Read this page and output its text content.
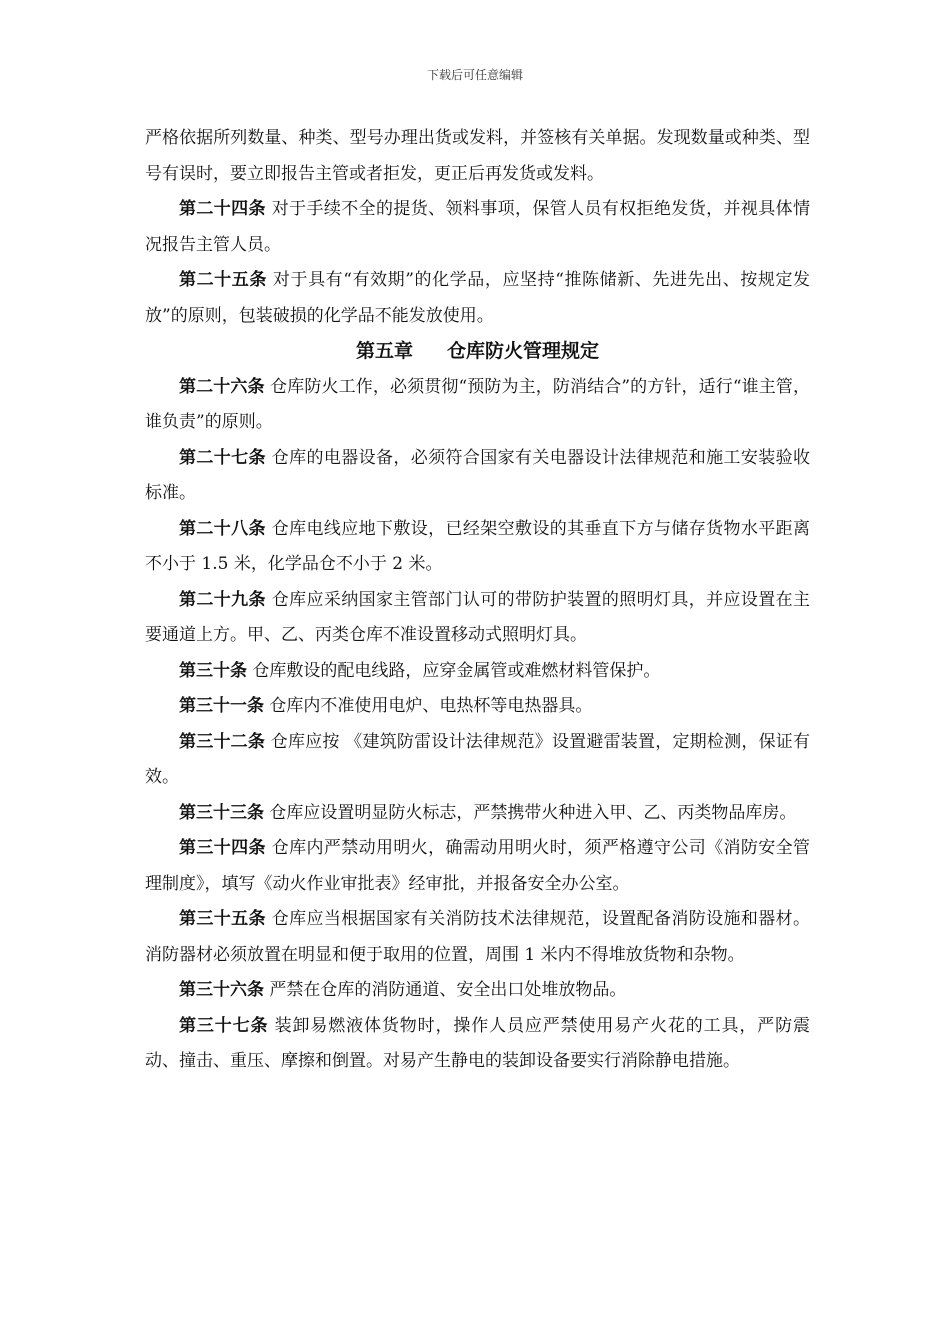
下载后可任意编辑

严格依据所列数量、种类、型号办理出货或发料，并签核有关单据。发现数量或种类、型号有误时，要立即报告主管或者拒发，更正后再发货或发料。

第二十四条 对于手续不全的提货、领料事项，保管人员有权拒绝发货，并视具体情况报告主管人员。

第二十五条 对于具有“有效期”的化学品，应坚持“推陈储新、先进先出、按规定发放”的原则，包装破损的化学品不能发放使用。

第五章 仓库防火管理规定

第二十六条 仓库防火工作，必须贯彻“预防为主，防消结合”的方针，适行“谁主管，谁负责”的原则。

第二十七条 仓库的电器设备，必须符合国家有关电器设计法律规范和施工安装验收标准。

第二十八条 仓库电线应地下敷设，已经架空敷设的其垂直下方与储存货物水平距离不小于 1.5 米，化学品仓不小于 2 米。

第二十九条 仓库应采纳国家主管部门认可的带防护装置的照明灯具，并应设置在主要通道上方。甲、乙、丙类仓库不准设置移动式照明灯具。

第三十条 仓库敷设的配电线路，应穿金属管或难燃材料管保护。

第三十一条 仓库内不准使用电炉、电热杯等电热器具。

第三十二条 仓库应按 《建筑防雷设计法律规范》设置避雷装置，定期检测，保证有效。

第三十三条 仓库应设置明显防火标志，严禁携带火种进入甲、乙、丙类物品库房。

第三十四条 仓库内严禁动用明火，确需动用明火时，须严格遵守公司《消防安全管理制度》，填写《动火作业审批表》经审批，并报备安全办公室。

第三十五条 仓库应当根据国家有关消防技术法律规范，设置配备消防设施和器材。消防器材必须放置在明显和便于取用的位置，周围 1 米内不得堆放货物和杂物。

第三十六条 严禁在仓库的消防通道、安全出口处堆放物品。

第三十七条 装卸易燃液体货物时，操作人员应严禁使用易产火花的工具，严防震动、撞击、重压、摩擦和倒置。对易产生静电的装卸设备要实行消除静电措施。
